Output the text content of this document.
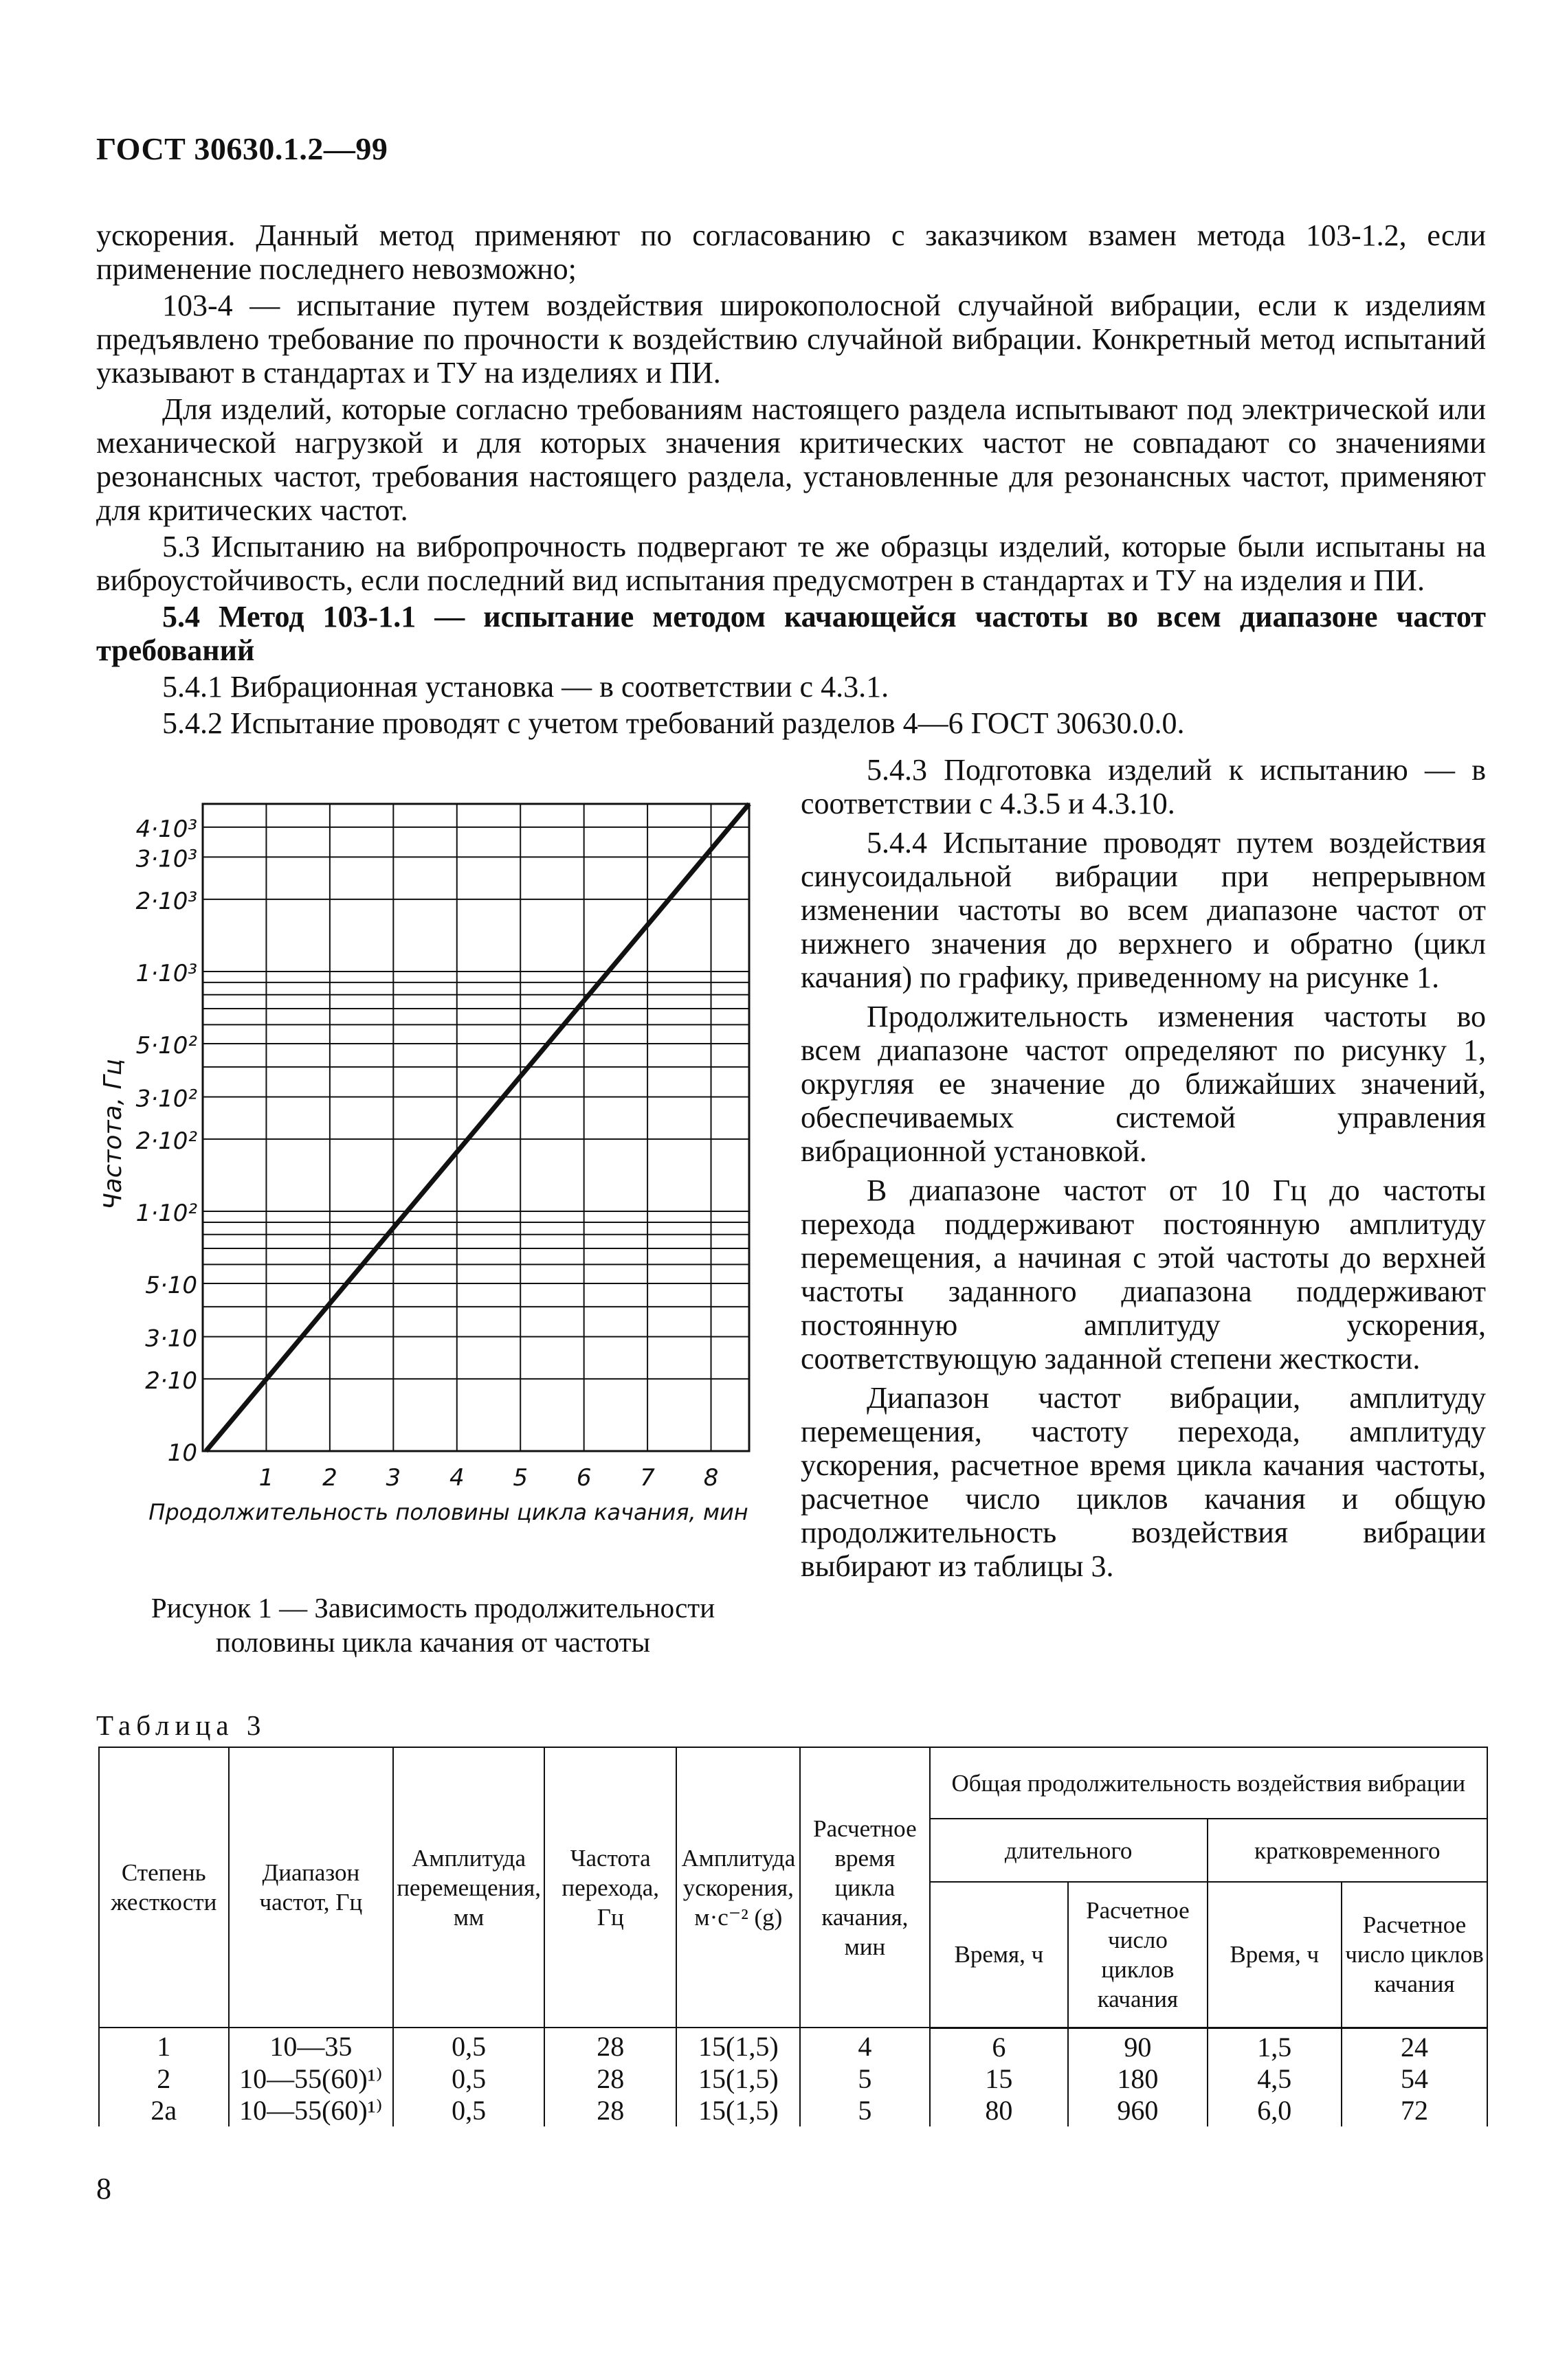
ГОСТ 30630.1.2—99

ускорения. Данный метод применяют по согласованию с заказчиком взамен метода 103-1.2, если применение последнего невозможно;

103-4 — испытание путем воздействия широкополосной случайной вибрации, если к изделиям предъявлено требование по прочности к воздействию случайной вибрации. Конкретный метод испытаний указывают в стандартах и ТУ на изделиях и ПИ.

Для изделий, которые согласно требованиям настоящего раздела испытывают под электрической или механической нагрузкой и для которых значения критических частот не совпадают со значениями резонансных частот, требования настоящего раздела, установленные для резонансных частот, применяют для критических частот.

5.3 Испытанию на вибропрочность подвергают те же образцы изделий, которые были испытаны на виброустойчивость, если последний вид испытания предусмотрен в стандартах и ТУ на изделия и ПИ.

5.4 Метод 103-1.1 — испытание методом качающейся частоты во всем диапазоне частот требований

5.4.1 Вибрационная установка — в соответствии с 4.3.1.

5.4.2 Испытание проводят с учетом требований разделов 4—6 ГОСТ 30630.0.0.

10
2·10
3·10
5·10
1·10²
2·10²
3·10²
5·10²
1·10³
2·10³
3·10³
4·10³
1 2 3 4 5 6 7 8
Продолжительность половины цикла качания, мин
Частота, Гц
Рисунок 1 — Зависимость продолжительности половины цикла качания от частоты

5.4.3 Подготовка изделий к испытанию — в соответствии с 4.3.5 и 4.3.10.

5.4.4 Испытание проводят путем воздействия синусоидальной вибрации при непрерывном изменении частоты во всем диапазоне частот от нижнего значения до верхнего и обратно (цикл качания) по графику, приведенному на рисунке 1.

Продолжительность изменения частоты во всем диапазоне частот определяют по рисунку 1, округляя ее значение до ближайших значений, обеспечиваемых системой управления вибрационной установкой.

В диапазоне частот от 10 Гц до частоты перехода поддерживают постоянную амплитуду перемещения, а начиная с этой частоты до верхней частоты заданного диапазона поддерживают постоянную амплитуду ускорения, соответствующую заданной степени жесткости.

Диапазон частот вибрации, амплитуду перемещения, частоту перехода, амплитуду ускорения, расчетное время цикла качания частоты, расчетное число циклов качания и общую продолжительность воздействия вибрации выбирают из таблицы 3.

Таблица 3
Степень жесткости	Диапазон частот, Гц	Амплитуда перемещения, мм	Частота перехода, Гц	Амплитуда ускорения, м·с⁻² (g)	Расчетное время цикла качания, мин	Общая продолжительность воздействия вибрации			
						длительного		кратковременного	
						Время, ч	Расчетное число циклов качания	Время, ч	Расчетное число циклов качания
1	10—35	0,5	28	15(1,5)	4	6	90	1,5	24
2	10—55(60)¹⁾	0,5	28	15(1,5)	5	15	180	4,5	54
2а	10—55(60)¹⁾	0,5	28	15(1,5)	5	80	960	6,0	72
8
